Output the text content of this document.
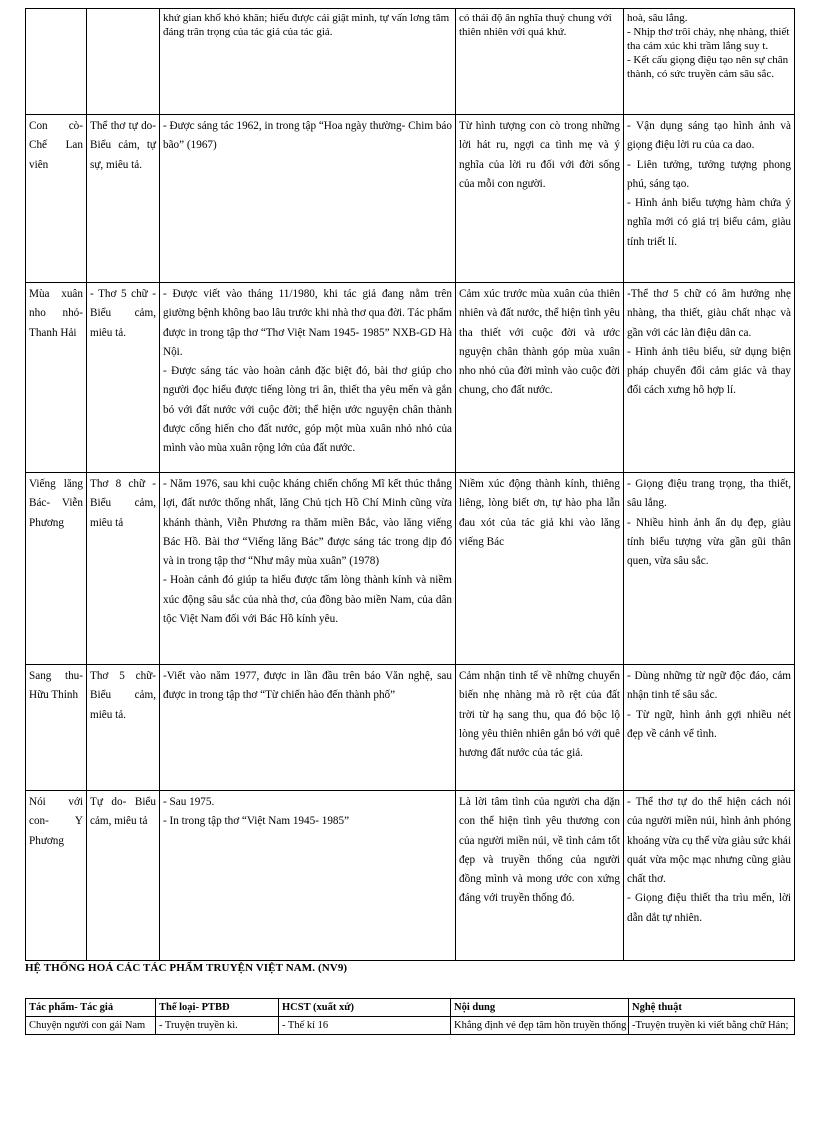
		khứ gian khổ khó khăn; hiểu được cái giật mình, tự vấn lơng tâm đáng trân trọng của tác giả của tác giả.	có thái độ ân nghĩa thuỷ chung với thiên nhiên với quá khứ.	hoà, sâu lắng.
- Nhịp thơ trôi chảy, nhẹ nhàng, thiết tha cảm xúc khi trầm lắng suy t.
- Kết cấu giọng điệu tạo nên sự chân thành, có sức truyền cảm sâu sắc.

Con cò- Chế Lan viên	Thể thơ tự do- Biểu cảm, tự sự, miêu tả.	- Được sáng tác 1962, in trong tập “Hoa ngày thường- Chim báo bão” (1967)	Từ hình tượng con cò trong những lời hát ru, ngợi ca tình mẹ và ý nghĩa của lời ru đối với đời sống của mỗi con người.	- Vận dụng sáng tạo hình ảnh và giọng điệu lời ru của ca dao.
- Liên tưởng, tưởng tượng phong phú, sáng tạo.
- Hình ảnh biểu tượng hàm chứa ý nghĩa mới có giá trị biểu cảm, giàu tính triết lí.

Mùa xuân nho nhỏ- Thanh Hải	- Thơ 5 chữ - Biểu cảm, miêu tả.	- Được viết vào tháng 11/1980, khi tác giả đang nằm trên giường bệnh không bao lâu trước khi nhà thơ qua đời. Tác phẩm được in trong tập thơ “Thơ Việt Nam 1945- 1985” NXB-GD Hà Nội.
- Được sáng tác vào hoàn cảnh đặc biệt đó, bài thơ giúp cho người đọc hiểu được tiếng lòng tri ân, thiết tha yêu mến và gắn bó với đất nước với cuộc đời; thể hiện ước nguyện chân thành được cống hiến cho đất nước, góp một mùa xuân nhỏ nhỏ của mình vào mùa xuân rộng lớn của đất nước.	Cảm xúc trước mùa xuân của thiên nhiên và đất nước, thể hiện tình yêu tha thiết với cuộc đời và ước nguyện chân thành góp mùa xuân nho nhỏ của đời mình vào cuộc đời chung, cho đất nước.	-Thể thơ 5 chữ có âm hưởng nhẹ nhàng, tha thiết, giàu chất nhạc và gần với các làn điệu dân ca.
- Hình ảnh tiêu biểu, sử dụng biện pháp chuyển đổi cảm giác và thay đổi cách xưng hô hợp lí.

Viếng lăng Bác- Viễn Phương	Thơ 8 chữ - Biểu cảm, miêu tả	- Năm 1976, sau khi cuộc kháng chiến chống Mĩ kết thúc thắng lợi, đất nước thống nhất, lăng Chủ tịch Hồ Chí Minh cũng vừa khánh thành, Viễn Phương ra thăm miền Bắc, vào lăng viếng Bác Hồ. Bài thơ “Viếng lăng Bác” được sáng tác trong dịp đó và in trong tập thơ “Như mây mùa xuân” (1978)
- Hoàn cảnh đó giúp ta hiểu được tấm lòng thành kính và niềm xúc động sâu sắc của nhà thơ, của đồng bào miền Nam, của dân tộc Việt Nam đối với Bác Hồ kính yêu.	Niềm xúc động thành kính, thiêng liêng, lòng biết ơn, tự hào pha lẫn đau xót của tác giả khi vào lăng viếng Bác	- Giọng điệu trang trọng, tha thiết, sâu lắng.
- Nhiều hình ảnh ẩn dụ đẹp, giàu tính biểu tượng vừa gần gũi thân quen, vừa sâu sắc.

Sang thu- Hữu Thỉnh	Thơ 5 chữ- Biểu cảm, miêu tả.	-Viết vào năm 1977, được in lần đầu trên báo Văn nghệ, sau được in trong tập thơ “Từ chiến hào đến thành phố”	Cảm nhận tinh tế về những chuyển biến nhẹ nhàng mà rõ rệt của đất trời từ hạ sang thu, qua đó bộc lộ lòng yêu thiên nhiên gắn bó với quê hương đất nước của tác giả.	- Dùng những từ ngữ độc đáo, cảm nhận tinh tế sâu sắc.
- Từ ngữ, hình ảnh gợi nhiều nét đẹp về cảnh vể tình.

Nói với con- Y Phương	Tự do- Biểu cảm, miêu tả	- Sau 1975.
- In trong tập thơ “Việt Nam 1945- 1985”	Là lời tâm tình của người cha dặn con thể hiện tình yêu thương con của người miền núi, về tình cảm tốt đẹp và truyền thống của người đồng mình và mong ước con xứng đáng với truyền thống đó.	- Thể thơ tự do thể hiện cách nói của người miền núi, hình ảnh phóng khoáng vừa cụ thể vừa giàu sức khái quát vừa mộc mạc nhưng cũng giàu chất thơ.
- Giọng điệu thiết tha trìu mến, lời dẫn dắt tự nhiên.
HỆ THỐNG HOÁ CÁC TÁC PHẨM TRUYỆN VIỆT NAM. (NV9)
Tác phẩm- Tác giả	Thể loại- PTBĐ	HCST (xuất xứ)	Nội dung	Nghệ thuật
Chuyện người con gái Nam	- Truyện truyền kì.	- Thế kỉ 16	Khẳng định vẻ đẹp tâm hồn truyền thống	-Truyện truyền kì viết bằng chữ Hán;
